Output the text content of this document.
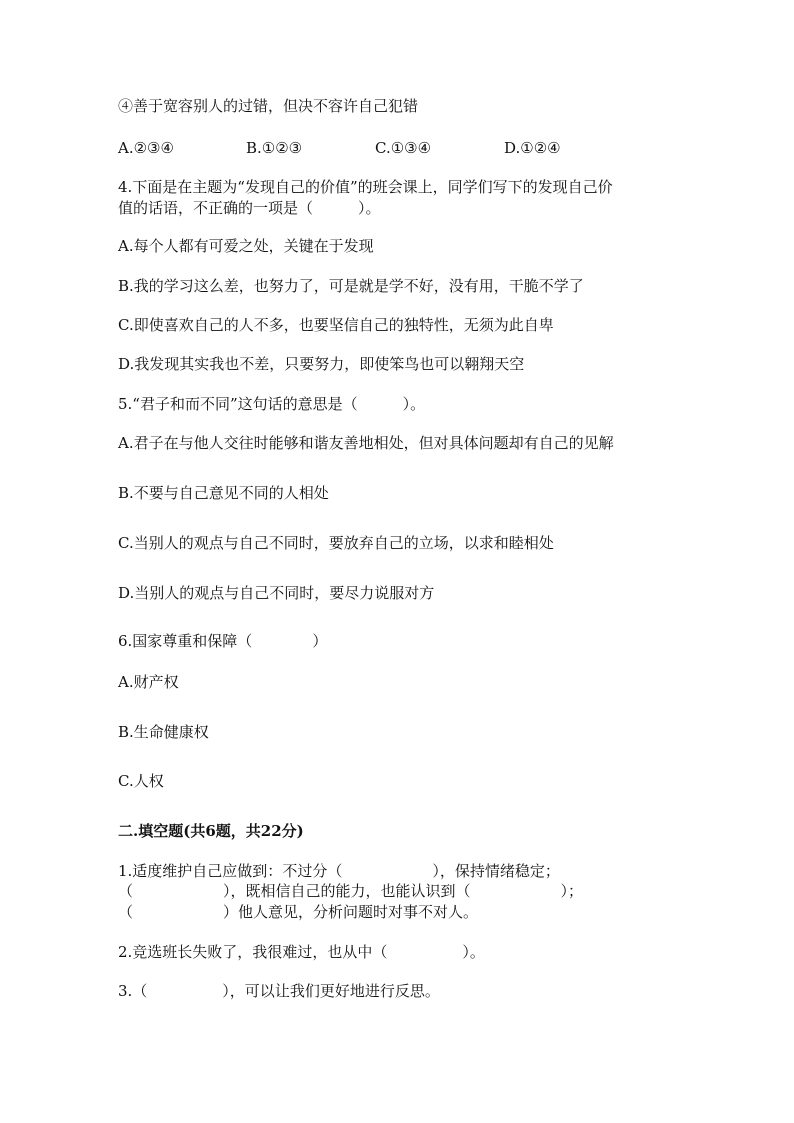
④善于宽容别人的过错，但决不容许自己犯错
A.②③④	B.①②③	C.①③④	D.①②④
4.下面是在主题为“发现自己的价值”的班会课上，同学们写下的发现自己价
值的话语，不正确的一项是（　　　）。
A.每个人都有可爱之处，关键在于发现
B.我的学习这么差，也努力了，可是就是学不好，没有用，干脆不学了
C.即使喜欢自己的人不多，也要坚信自己的独特性，无须为此自卑
D.我发现其实我也不差，只要努力，即使笨鸟也可以翱翔天空
5.“君子和而不同”这句话的意思是（　　　）。
A.君子在与他人交往时能够和谐友善地相处，但对具体问题却有自己的见解
B.不要与自己意见不同的人相处
C.当别人的观点与自己不同时，要放弃自己的立场，以求和睦相处
D.当别人的观点与自己不同时，要尽力说服对方
6.国家尊重和保障（　　　　）
A.财产权
B.生命健康权
C.人权
二.填空题(共6题，共22分)
1.适度维护自己应做到：不过分（　　　　　　），保持情绪稳定；
（　　　　　　），既相信自己的能力，也能认识到（　　　　　　）；
（　　　　　　）他人意见，分析问题时对事不对人。
2.竞选班长失败了，我很难过，也从中（　　　　　）。
3.（　　　　　），可以让我们更好地进行反思。
